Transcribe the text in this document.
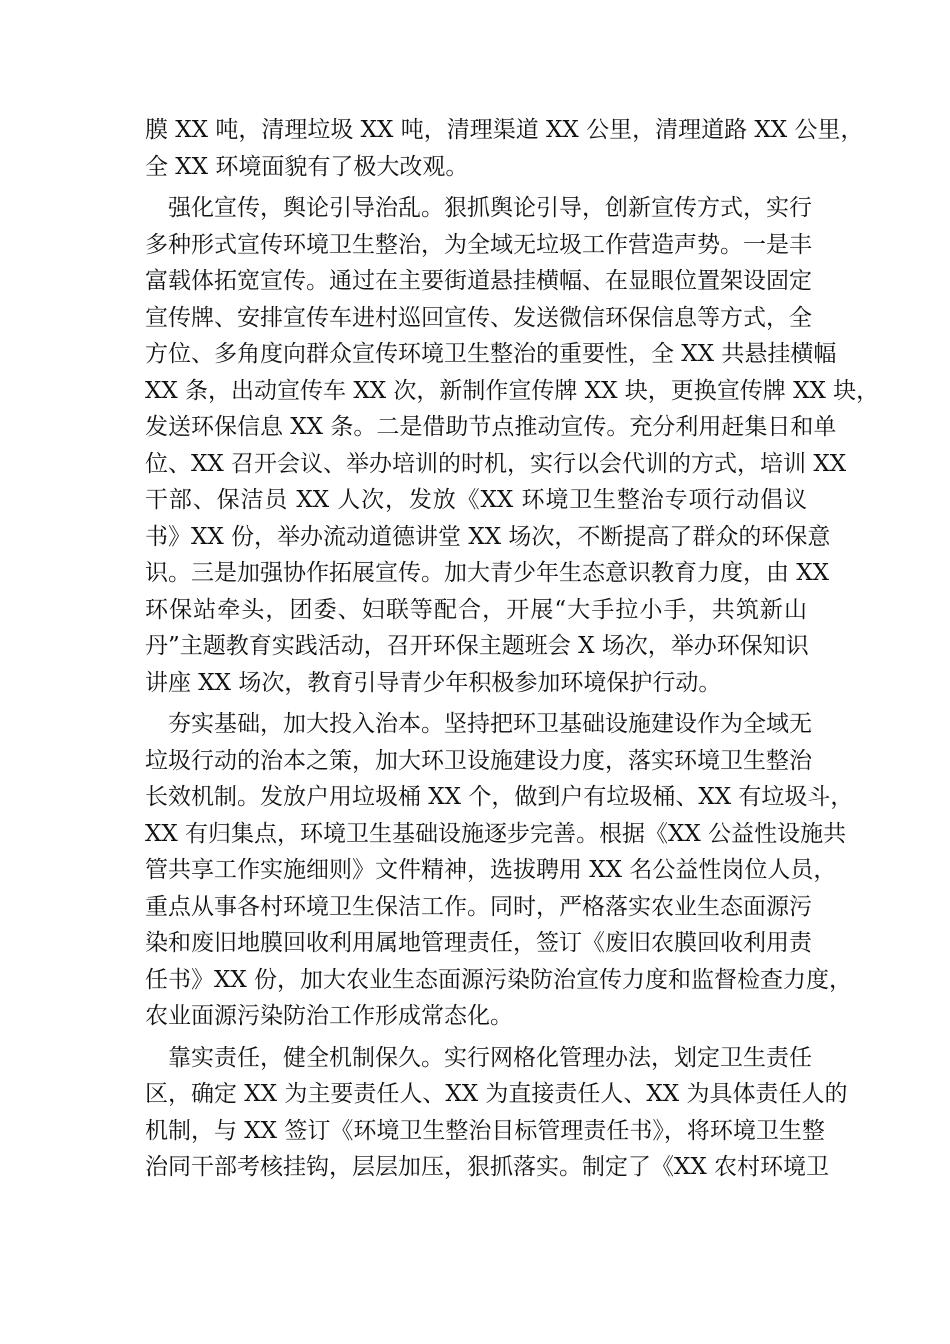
膜 XX 吨，清理垃圾 XX 吨，清理渠道 XX 公里，清理道路 XX 公里，
全 XX 环境面貌有了极大改观。
强化宣传，舆论引导治乱。狠抓舆论引导，创新宣传方式，实行
多种形式宣传环境卫生整治，为全域无垃圾工作营造声势。一是丰
富载体拓宽宣传。通过在主要街道悬挂横幅、在显眼位置架设固定
宣传牌、安排宣传车进村巡回宣传、发送微信环保信息等方式，全
方位、多角度向群众宣传环境卫生整治的重要性，全 XX 共悬挂横幅
XX 条，出动宣传车 XX 次，新制作宣传牌 XX 块，更换宣传牌 XX 块，
发送环保信息 XX 条。二是借助节点推动宣传。充分利用赶集日和单
位、XX 召开会议、举办培训的时机，实行以会代训的方式，培训 XX
干部、保洁员 XX 人次，发放《XX 环境卫生整治专项行动倡议
书》XX 份，举办流动道德讲堂 XX 场次，不断提高了群众的环保意
识。三是加强协作拓展宣传。加大青少年生态意识教育力度，由 XX
环保站牵头，团委、妇联等配合，开展“大手拉小手，共筑新山
丹”主题教育实践活动，召开环保主题班会 X 场次，举办环保知识
讲座 XX 场次，教育引导青少年积极参加环境保护行动。
夯实基础，加大投入治本。坚持把环卫基础设施建设作为全域无
垃圾行动的治本之策，加大环卫设施建设力度，落实环境卫生整治
长效机制。发放户用垃圾桶 XX 个，做到户有垃圾桶、XX 有垃圾斗，
XX 有归集点，环境卫生基础设施逐步完善。根据《XX 公益性设施共
管共享工作实施细则》文件精神，选拔聘用 XX 名公益性岗位人员，
重点从事各村环境卫生保洁工作。同时，严格落实农业生态面源污
染和废旧地膜回收利用属地管理责任，签订《废旧农膜回收利用责
任书》XX 份，加大农业生态面源污染防治宣传力度和监督检查力度，
农业面源污染防治工作形成常态化。
靠实责任，健全机制保久。实行网格化管理办法，划定卫生责任
区，确定 XX 为主要责任人、XX 为直接责任人、XX 为具体责任人的
机制，与 XX 签订《环境卫生整治目标管理责任书》，将环境卫生整
治同干部考核挂钩，层层加压，狠抓落实。制定了《XX 农村环境卫
